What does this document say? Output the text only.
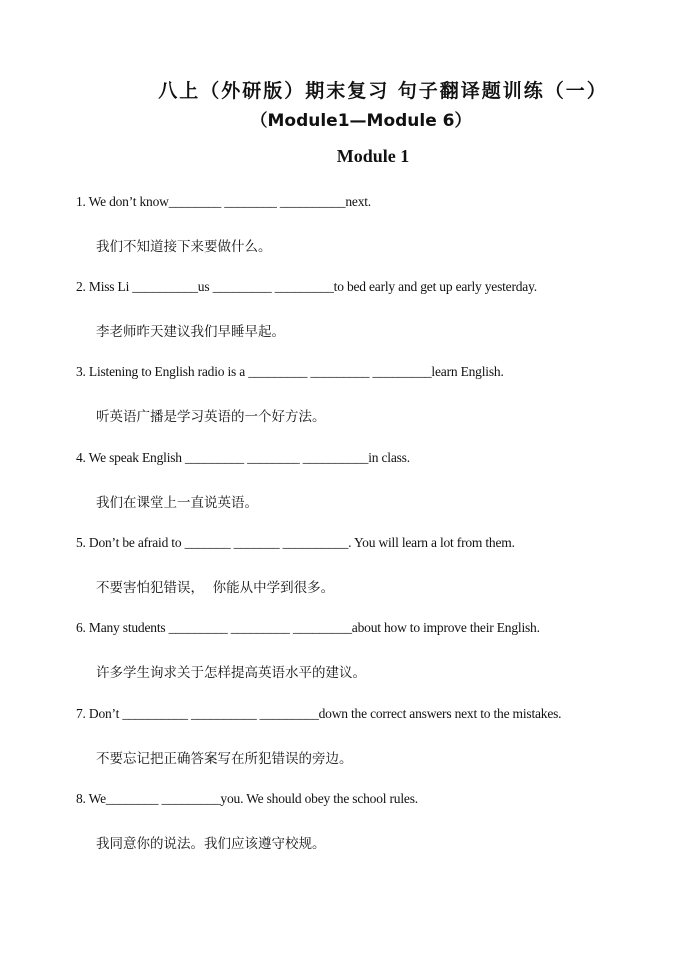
八上（外研版）期末复习 句子翻译题训练（一）
（Module1—Module 6）
Module 1
1. We don’t know________ ________ __________next.
我们不知道接下来要做什么。
2. Miss Li __________us _________ _________to bed early and get up early yesterday.
李老师昨天建议我们早睡早起。
3. Listening to English radio is a _________ _________ _________learn English.
听英语广播是学习英语的一个好方法。
4. We speak English _________ ________ __________in class.
我们在课堂上一直说英语。
5. Don’t be afraid to _______ _______ __________. You will learn a lot from them.
不要害怕犯错误，  你能从中学到很多。
6. Many students _________ _________ _________about how to improve their English.
许多学生询求关于怎样提高英语水平的建议。
7. Don’t __________ __________ _________down the correct answers next to the mistakes.
不要忘记把正确答案写在所犯错误的旁边。
8. We________ _________you. We should obey the school rules.
我同意你的说法。我们应该遵守校规。
